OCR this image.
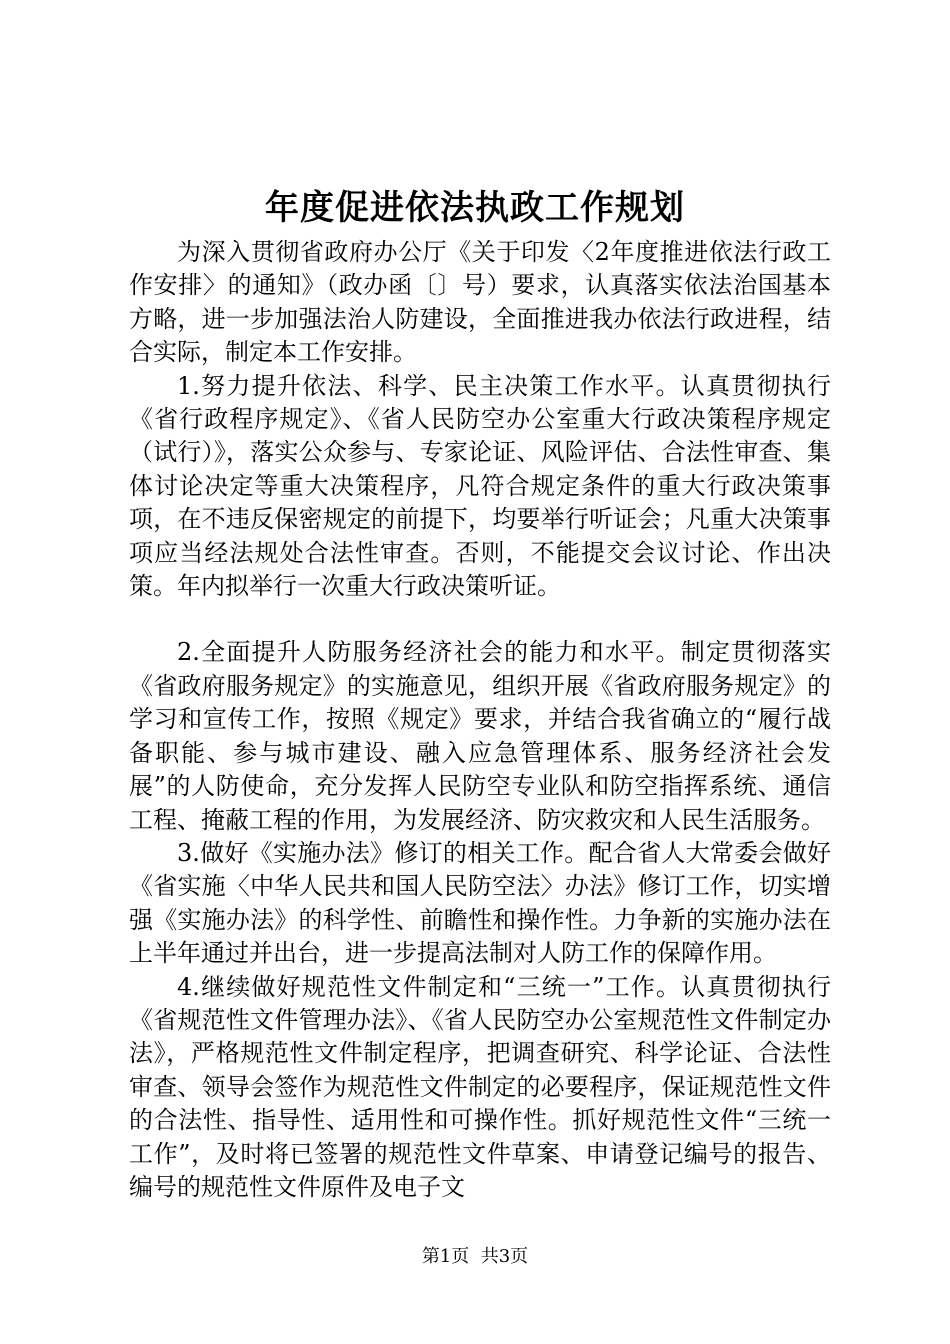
年度促进依法执政工作规划

为深入贯彻省政府办公厅《关于印发〈2年度推进依法行政工作安排〉的通知》（政办函〔〕号）要求，认真落实依法治国基本方略，进一步加强法治人防建设，全面推进我办依法行政进程，结合实际，制定本工作安排。

1.努力提升依法、科学、民主决策工作水平。认真贯彻执行《省行政程序规定》、《省人民防空办公室重大行政决策程序规定（试行）》，落实公众参与、专家论证、风险评估、合法性审查、集体讨论决定等重大决策程序，凡符合规定条件的重大行政决策事项，在不违反保密规定的前提下，均要举行听证会；凡重大决策事项应当经法规处合法性审查。否则，不能提交会议讨论、作出决策。年内拟举行一次重大行政决策听证。

2.全面提升人防服务经济社会的能力和水平。制定贯彻落实《省政府服务规定》的实施意见，组织开展《省政府服务规定》的学习和宣传工作，按照《规定》要求，并结合我省确立的“履行战备职能、参与城市建设、融入应急管理体系、服务经济社会发展”的人防使命，充分发挥人民防空专业队和防空指挥系统、通信工程、掩蔽工程的作用，为发展经济、防灾救灾和人民生活服务。

3.做好《实施办法》修订的相关工作。配合省人大常委会做好《省实施〈中华人民共和国人民防空法〉办法》修订工作，切实增强《实施办法》的科学性、前瞻性和操作性。力争新的实施办法在上半年通过并出台，进一步提高法制对人防工作的保障作用。

4.继续做好规范性文件制定和“三统一”工作。认真贯彻执行《省规范性文件管理办法》、《省人民防空办公室规范性文件制定办法》，严格规范性文件制定程序，把调查研究、科学论证、合法性审查、领导会签作为规范性文件制定的必要程序，保证规范性文件的合法性、指导性、适用性和可操作性。抓好规范性文件“三统一工作”，及时将已签署的规范性文件草案、申请登记编号的报告、编号的规范性文件原件及电子文

第1页 共3页
